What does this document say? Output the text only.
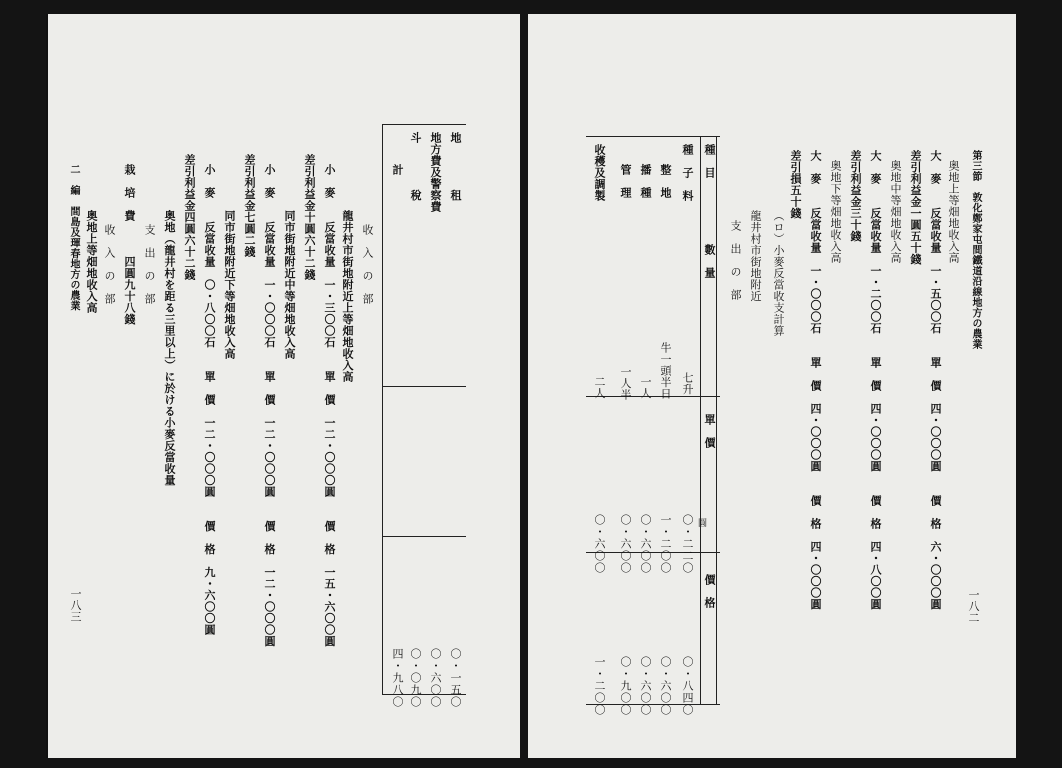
一八二
第三節　敦化鄭家屯間鐵道沿線地方の農業
奥地上等畑地收入高
大　麥　　反當收量　一・五〇〇石　　單　價　四・〇〇〇圓　　價　格　六・〇〇〇圓
差引利益金一圓五十錢
奥地中等畑地收入高
大　麥　　反當收量　一・二〇〇石　　單　價　四・〇〇〇圓　　價　格　四・八〇〇圓
差引利益金三十錢
奥地下等畑地收入高
大　麥　　反當收量　一・〇〇〇石　　單　價　四・〇〇〇圓　　價　格　四・〇〇〇圓
差引損五十錢
（ロ）小麥反當收支計算
龍井村市街地附近
支　出　の　部
種　目
數　量
單　價
價　格
種　子　料
七升
〇・二二〇
〇・八四〇
圓
整　地
牛一頭半日
一・二〇〇
〇・六〇〇
播　種
一人
〇・六〇〇
〇・六〇〇
管　理
一人半
〇・六〇〇
〇・九〇〇
收穫及調製
二人
〇・六〇〇
一・二〇〇
地　　　　租
〇・一五〇
地方費及警察費
〇・六〇〇
斗　　　　稅
〇・〇九〇
計
四・九八〇
收　入　の　部
龍井村市街地附近上等畑地收入高
小　麥　　反當收量　一・三〇〇石　　單　價　一二・〇〇〇圓　　價　格　一五・六〇〇圓
差引利益金十圓六十二錢
同市街地附近中等畑地收入高
小　麥　　反當收量　一・〇〇〇石　　單　價　一二・〇〇〇圓　　價　格　一二・〇〇〇圓
差引利益金七圓二錢
同市街地附近下等畑地收入高
小　麥　　反當收量　〇・八〇〇石　　單　價　一二・〇〇〇圓　　價　格　九・六〇〇圓
差引利益金四圓六十二錢
奥地（龍井村を距る三里以上）に於ける小麥反當收量
支　出　の　部
栽　培　費　　　四圓九十八錢
收　入　の　部
奥地上等畑地收入高
二　編　間島及琿春地方の農業
一八三
